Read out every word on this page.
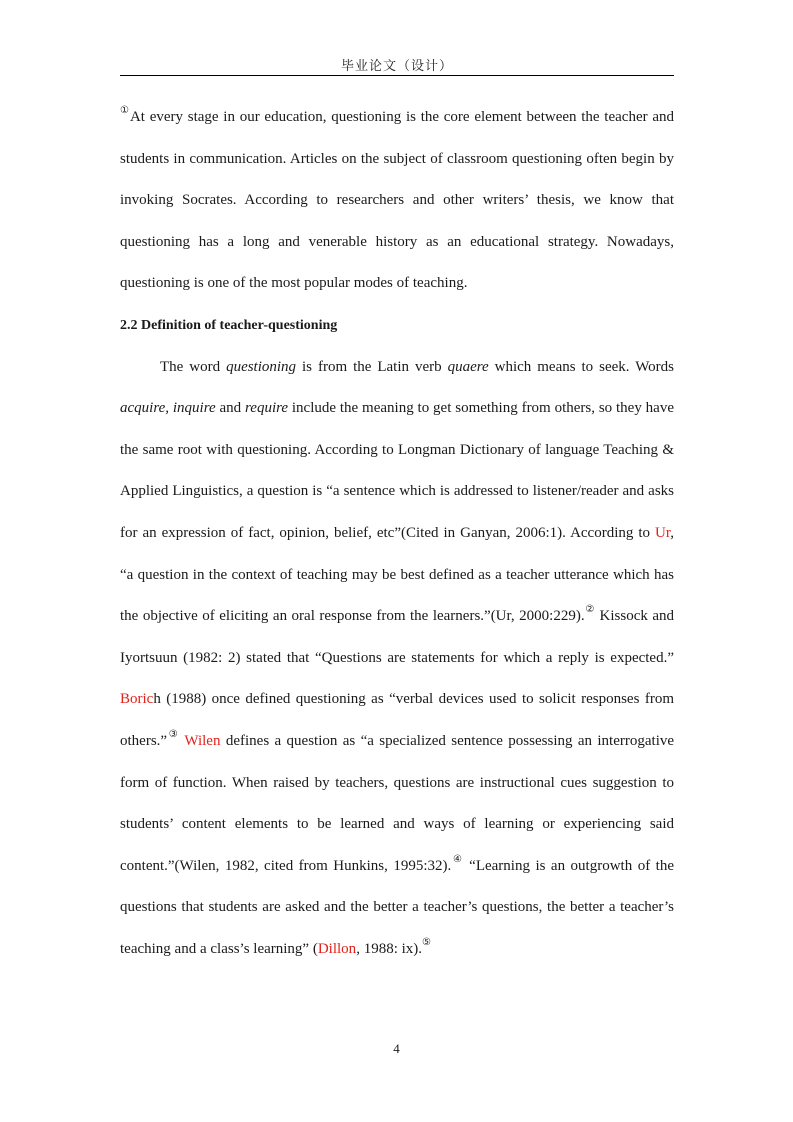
毕业论文（设计）

①At every stage in our education, questioning is the core element between the teacher and students in communication. Articles on the subject of classroom questioning often begin by invoking Socrates. According to researchers and other writers’ thesis, we know that questioning has a long and venerable history as an educational strategy. Nowadays, questioning is one of the most popular modes of teaching.

2.2 Definition of teacher-questioning

The word questioning is from the Latin verb quaere which means to seek. Words acquire, inquire and require include the meaning to get something from others, so they have the same root with questioning. According to Longman Dictionary of language Teaching & Applied Linguistics, a question is “a sentence which is addressed to listener/reader and asks for an expression of fact, opinion, belief, etc”(Cited in Ganyan, 2006:1). According to Ur, “a question in the context of teaching may be best defined as a teacher utterance which has the objective of eliciting an oral response from the learners.”(Ur, 2000:229).② Kissock and Iyortsuun (1982: 2) stated that “Questions are statements for which a reply is expected.” Borich (1988) once defined questioning as “verbal devices used to solicit responses from others.”③ Wilen defines a question as “a specialized sentence possessing an interrogative form of function. When raised by teachers, questions are instructional cues suggestion to students’ content elements to be learned and ways of learning or experiencing said content.”(Wilen, 1982, cited from Hunkins, 1995:32).④ “Learning is an outgrowth of the questions that students are asked and the better a teacher’s questions, the better a teacher’s teaching and a class’s learning” (Dillon, 1988: ix).⑤

4
